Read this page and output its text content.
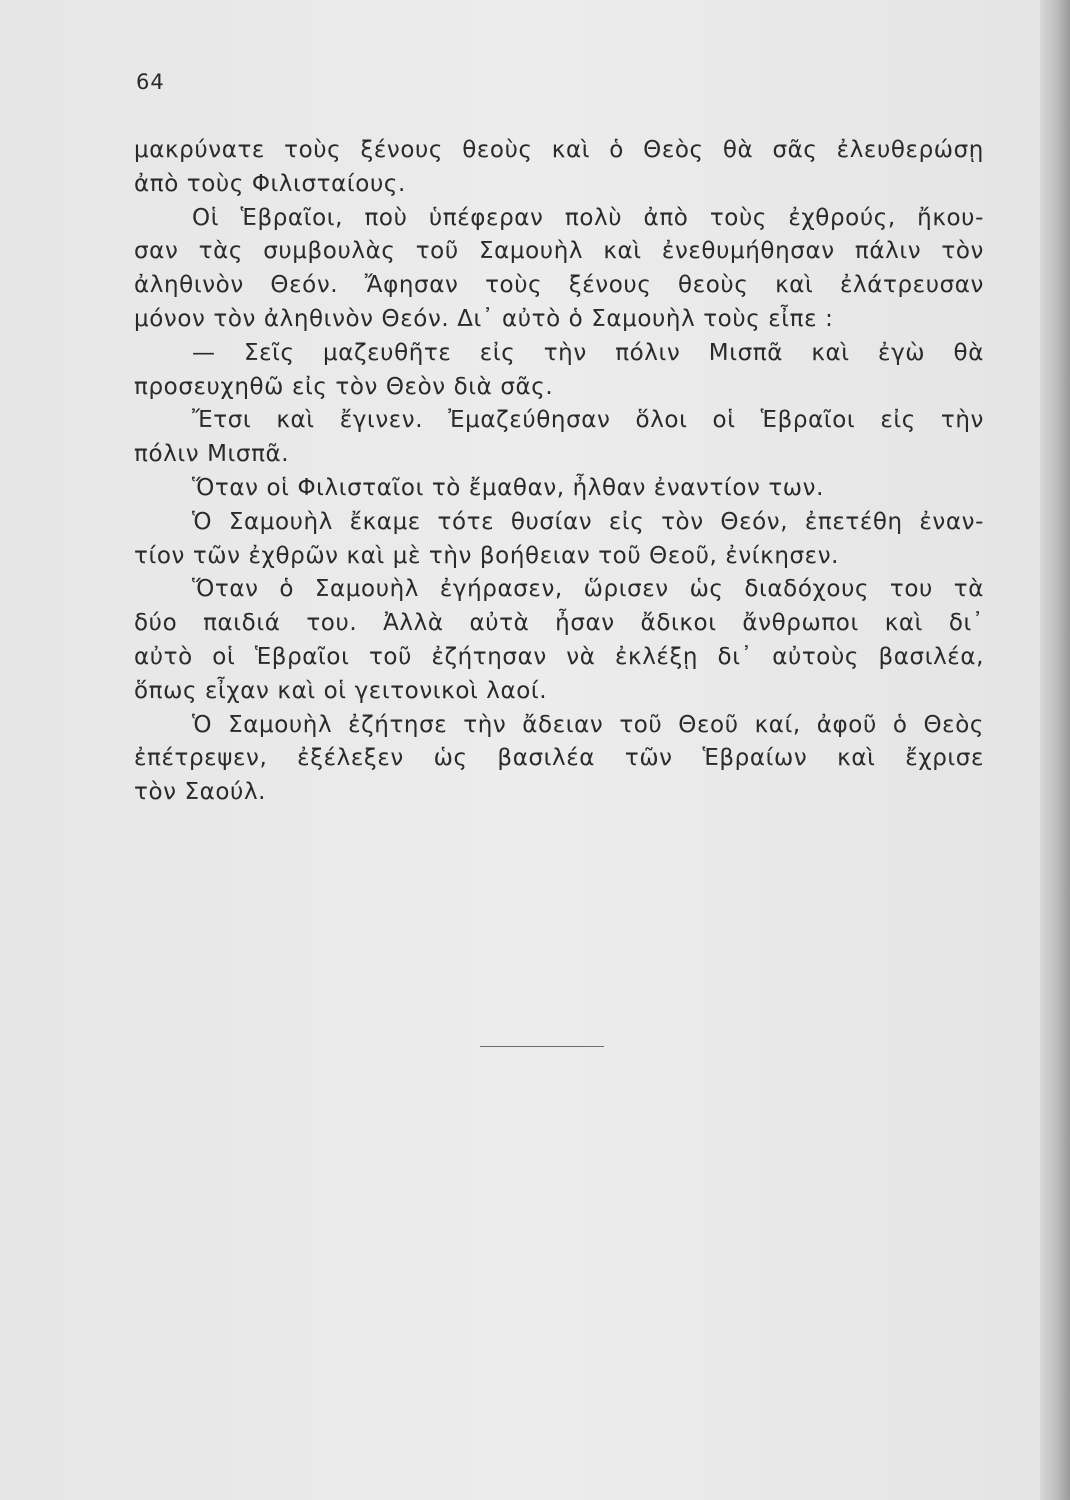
64
μακρύνατε τοὺς ξένους θεοὺς καὶ ὁ Θεὸς θὰ σᾶς ἐλευθερώσῃ
ἀπὸ τοὺς Φιλισταίους.
Οἱ Ἑβραῖοι, ποὺ ὑπέφεραν πολὺ ἀπὸ τοὺς ἐχθρούς, ἤκου-
σαν τὰς συμβουλὰς τοῦ Σαμουὴλ καὶ ἐνεθυμήθησαν πάλιν τὸν
ἀληθινὸν Θεόν. Ἄφησαν τοὺς ξένους θεοὺς καὶ ἐλάτρευσαν
μόνον τὸν ἀληθινὸν Θεόν. Δι᾿ αὐτὸ ὁ Σαμουὴλ τοὺς εἶπε :
— Σεῖς μαζευθῆτε εἰς τὴν πόλιν Μισπᾶ καὶ ἐγὼ θὰ
προσευχηθῶ εἰς τὸν Θεὸν διὰ σᾶς.
Ἔτσι καὶ ἔγινεν. Ἐμαζεύθησαν ὅλοι οἱ Ἑβραῖοι εἰς τὴν
πόλιν Μισπᾶ.
Ὅταν οἱ Φιλισταῖοι τὸ ἔμαθαν, ἦλθαν ἐναντίον των.
Ὁ Σαμουὴλ ἔκαμε τότε θυσίαν εἰς τὸν Θεόν, ἐπετέθη ἐναν-
τίον τῶν ἐχθρῶν καὶ μὲ τὴν βοήθειαν τοῦ Θεοῦ, ἐνίκησεν.
Ὅταν ὁ Σαμουὴλ ἐγήρασεν, ὥρισεν ὡς διαδόχους του τὰ
δύο παιδιά του. Ἀλλὰ αὐτὰ ἦσαν ἄδικοι ἄνθρωποι καὶ δι᾿
αὐτὸ οἱ Ἑβραῖοι τοῦ ἐζήτησαν νὰ ἐκλέξῃ δι᾿ αὐτοὺς βασιλέα,
ὅπως εἶχαν καὶ οἱ γειτονικοὶ λαοί.
Ὁ Σαμουὴλ ἐζήτησε τὴν ἄδειαν τοῦ Θεοῦ καί, ἀφοῦ ὁ Θεὸς
ἐπέτρεψεν, ἐξέλεξεν ὡς βασιλέα τῶν Ἑβραίων καὶ ἔχρισε
τὸν Σαούλ.
